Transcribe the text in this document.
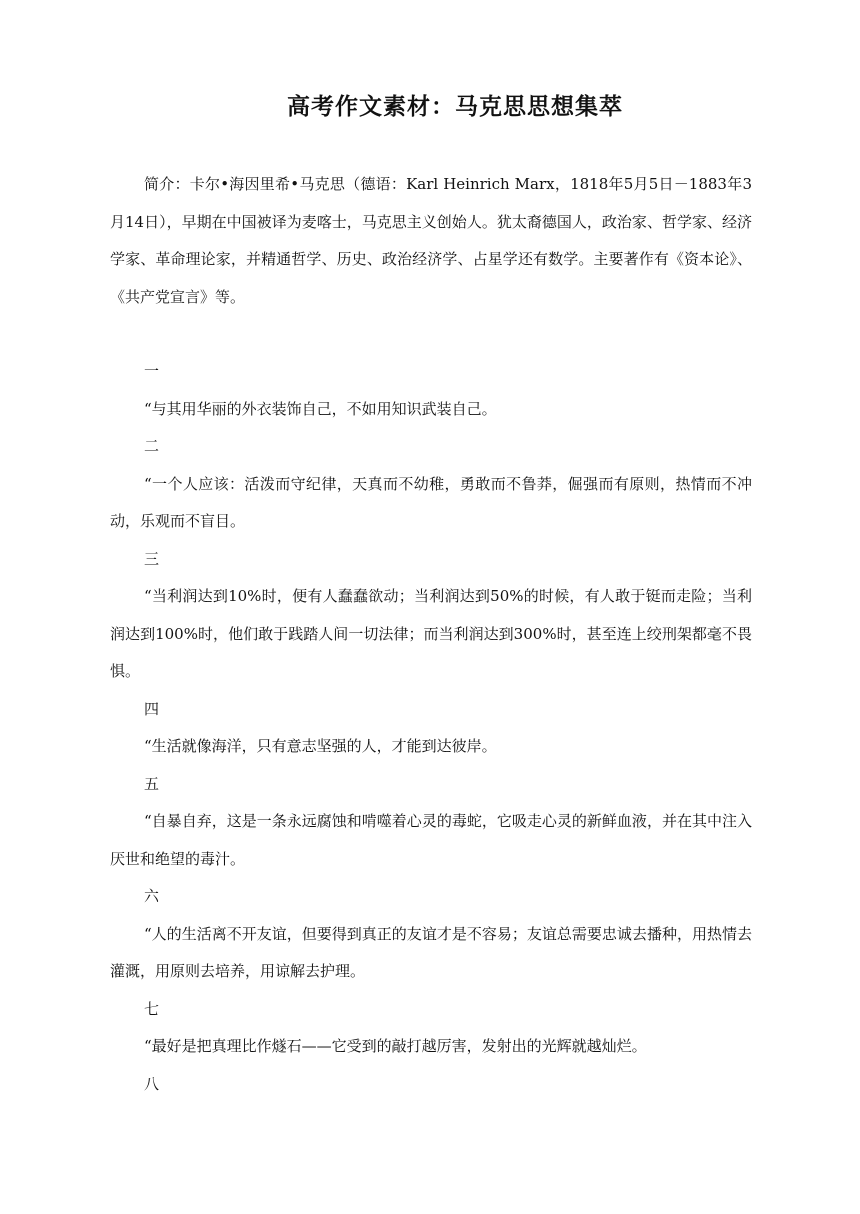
高考作文素材：马克思思想集萃

简介：卡尔•海因里希•马克思（德语：Karl Heinrich Marx，1818年5月5日－1883年3月14日），早期在中国被译为麦喀士，马克思主义创始人。犹太裔德国人，政治家、哲学家、经济学家、革命理论家，并精通哲学、历史、政治经济学、占星学还有数学。主要著作有《资本论》、《共产党宣言》等。

一

“与其用华丽的外衣装饰自己，不如用知识武装自己。

二

“一个人应该：活泼而守纪律，天真而不幼稚，勇敢而不鲁莽，倔强而有原则，热情而不冲动，乐观而不盲目。

三

“当利润达到10%时，便有人蠢蠢欲动；当利润达到50%的时候，有人敢于铤而走险；当利润达到100%时，他们敢于践踏人间一切法律；而当利润达到300%时，甚至连上绞刑架都毫不畏惧。

四

“生活就像海洋，只有意志坚强的人，才能到达彼岸。

五

“自暴自弃，这是一条永远腐蚀和啃噬着心灵的毒蛇，它吸走心灵的新鲜血液，并在其中注入厌世和绝望的毒汁。

六

“人的生活离不开友谊，但要得到真正的友谊才是不容易；友谊总需要忠诚去播种，用热情去灌溉，用原则去培养，用谅解去护理。

七

“最好是把真理比作燧石——它受到的敲打越厉害，发射出的光辉就越灿烂。

八
